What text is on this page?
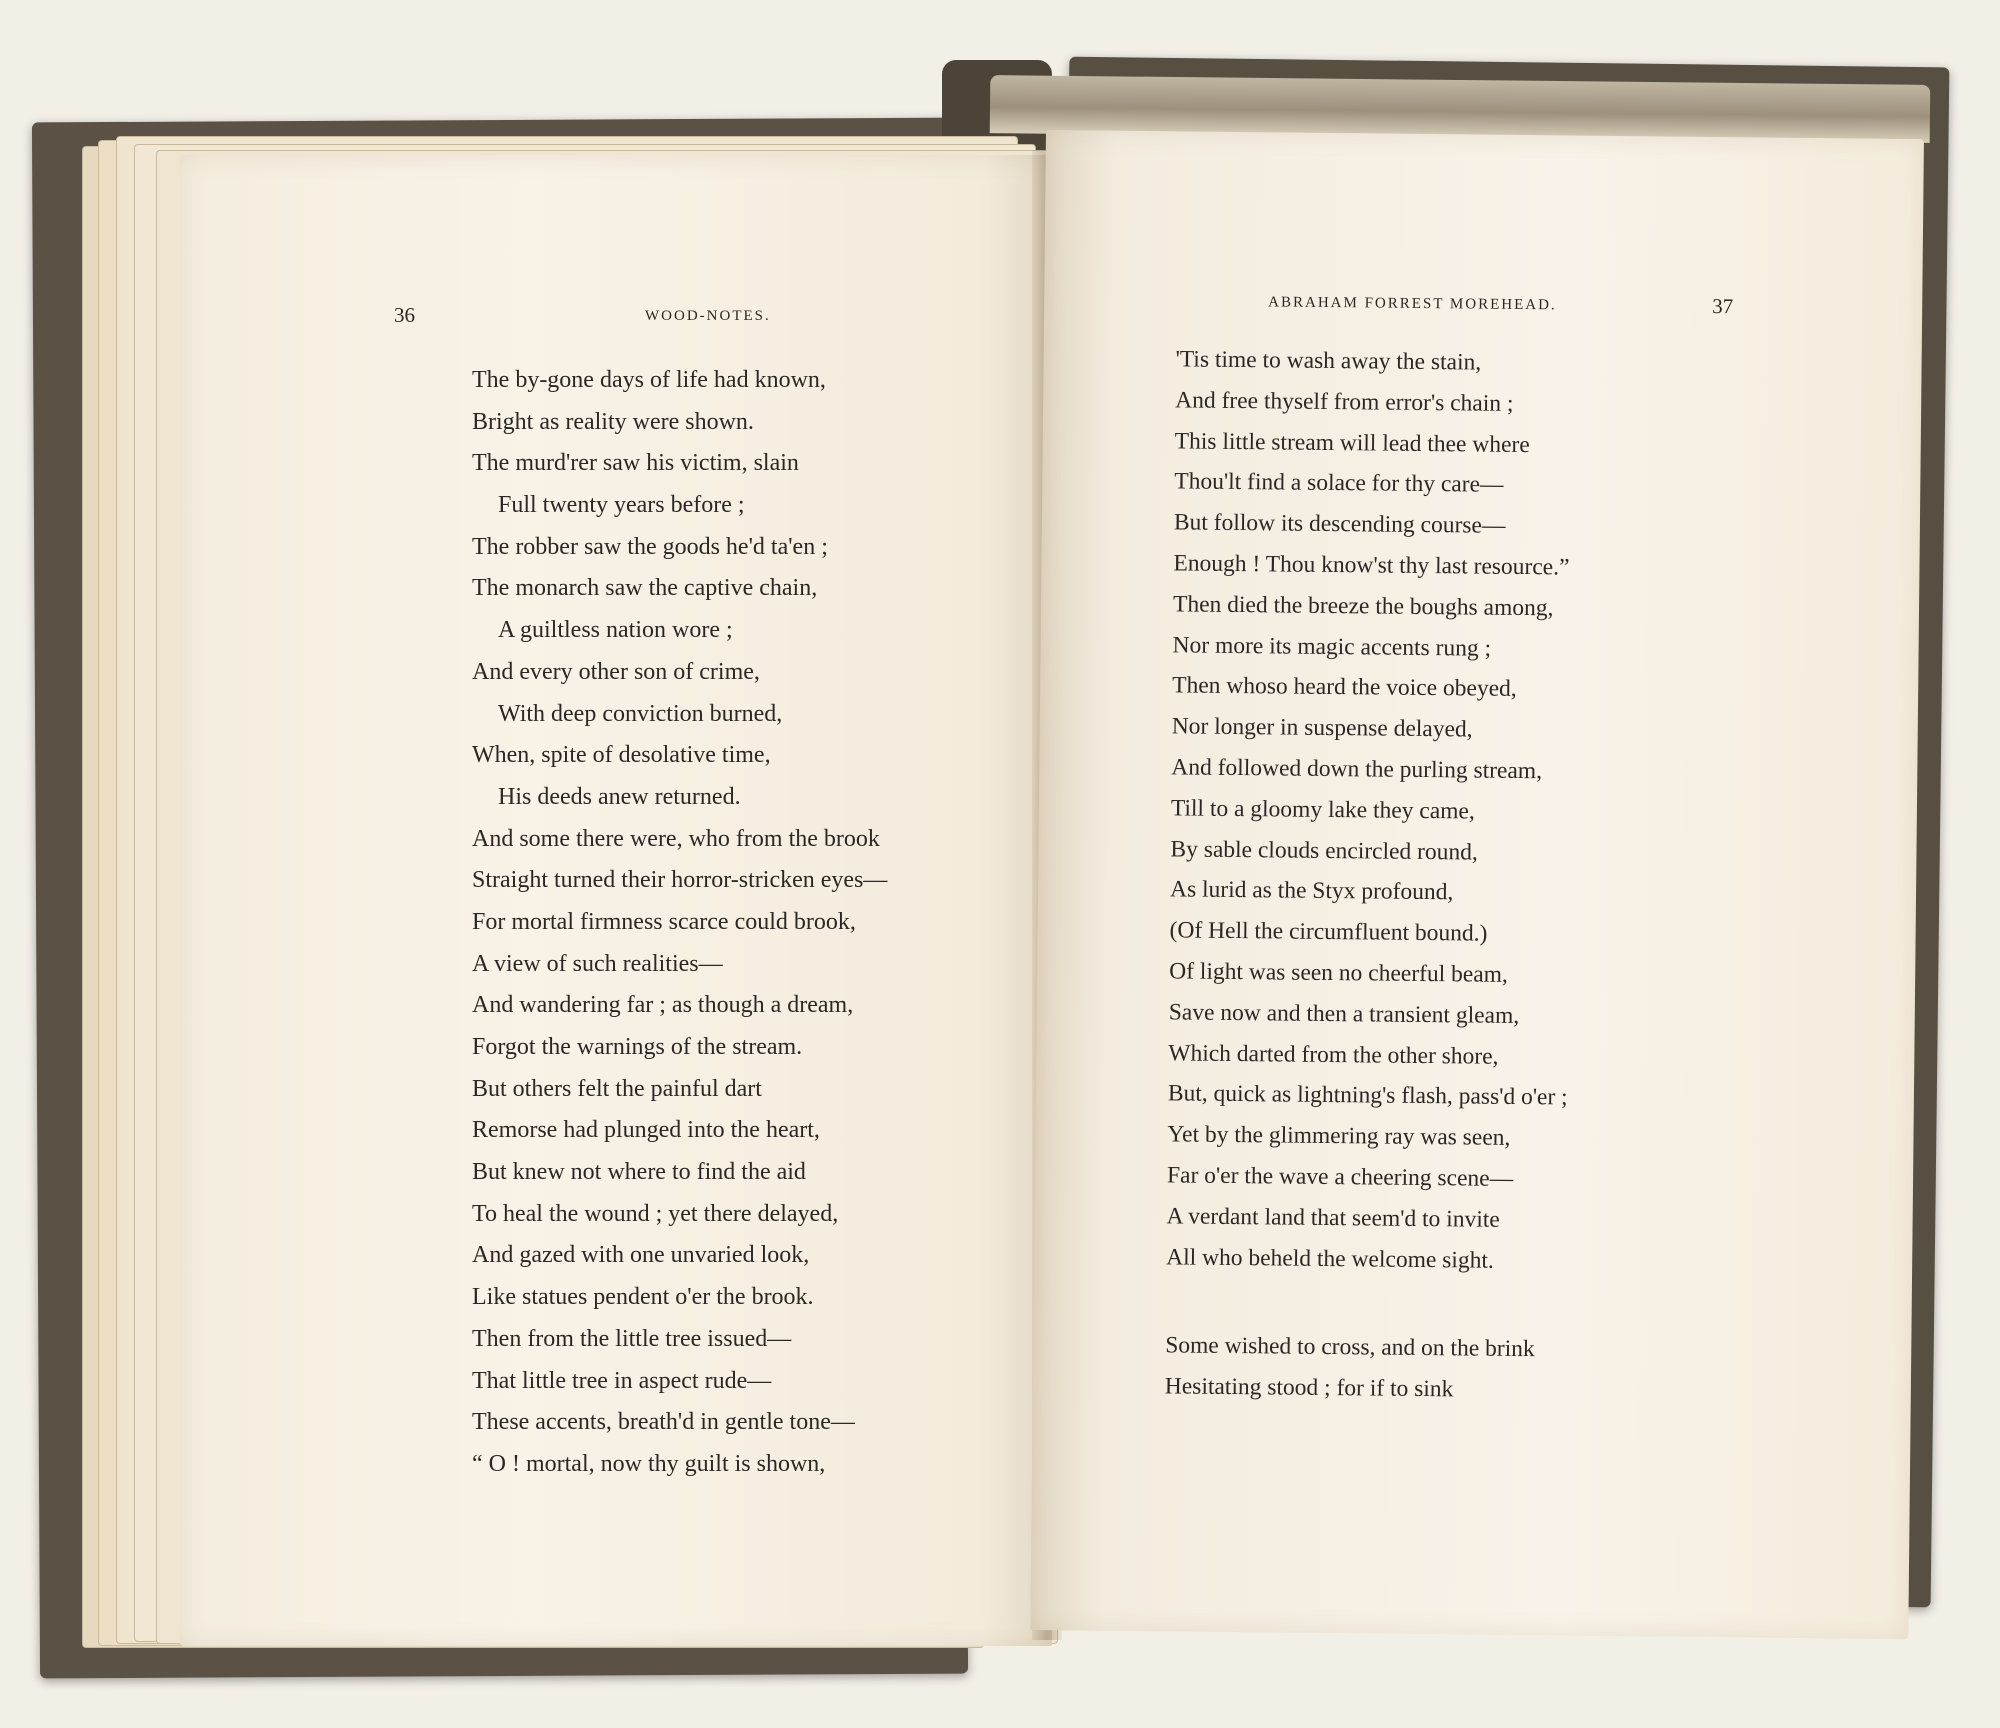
36	WOOD-NOTES.
The by-gone days of life had known,
Bright as reality were shown.
The murd'rer saw his victim, slain
Full twenty years before ;
The robber saw the goods he'd ta'en ;
The monarch saw the captive chain,
A guiltless nation wore ;
And every other son of crime,
With deep conviction burned,
When, spite of desolative time,
His deeds anew returned.
And some there were, who from the brook
Straight turned their horror-stricken eyes—
For mortal firmness scarce could brook,
A view of such realities—
And wandering far ; as though a dream,
Forgot the warnings of the stream.
But others felt the painful dart
Remorse had plunged into the heart,
But knew not where to find the aid
To heal the wound ; yet there delayed,
And gazed with one unvaried look,
Like statues pendent o'er the brook.
Then from the little tree issued—
That little tree in aspect rude—
These accents, breath'd in gentle tone—
“ O ! mortal, now thy guilt is shown,
ABRAHAM FORREST MOREHEAD.	37
'Tis time to wash away the stain,
And free thyself from error's chain ;
This little stream will lead thee where
Thou'lt find a solace for thy care—
But follow its descending course—
Enough ! Thou know'st thy last resource.”
Then died the breeze the boughs among,
Nor more its magic accents rung ;
Then whoso heard the voice obeyed,
Nor longer in suspense delayed,
And followed down the purling stream,
Till to a gloomy lake they came,
By sable clouds encircled round,
As lurid as the Styx profound,
(Of Hell the circumfluent bound.)
Of light was seen no cheerful beam,
Save now and then a transient gleam,
Which darted from the other shore,
But, quick as lightning's flash, pass'd o'er ;
Yet by the glimmering ray was seen,
Far o'er the wave a cheering scene—
A verdant land that seem'd to invite
All who beheld the welcome sight.
Some wished to cross, and on the brink
Hesitating stood ; for if to sink
